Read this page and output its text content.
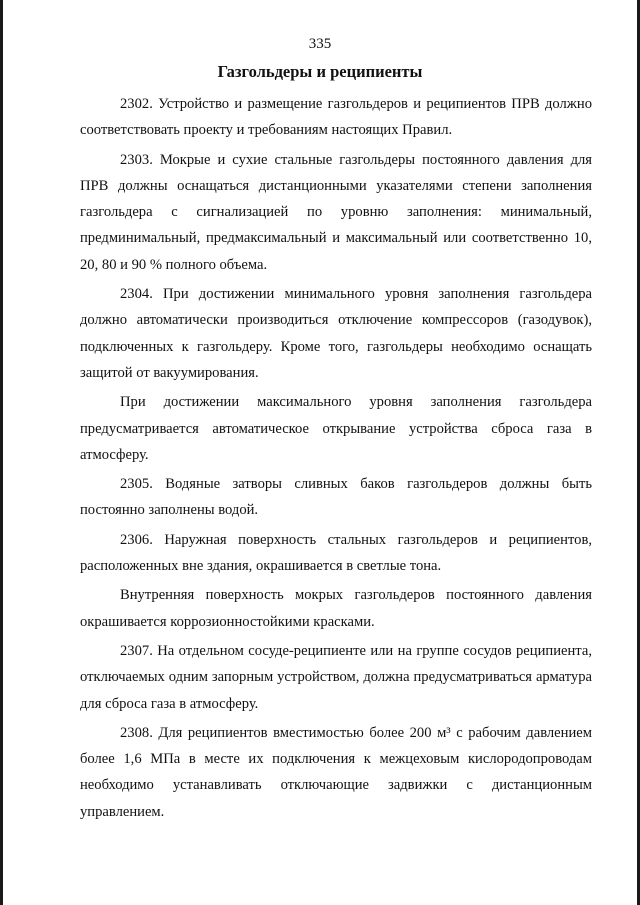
335
Газгольдеры и реципиенты

2302. Устройство и размещение газгольдеров и реципиентов ПРВ должно соответствовать проекту и требованиям настоящих Правил.

2303. Мокрые и сухие стальные газгольдеры постоянного давления для ПРВ должны оснащаться дистанционными указателями степени заполнения газгольдера с сигнализацией по уровню заполнения: минимальный, предминимальный, предмаксимальный и максимальный или соответственно 10, 20, 80 и 90 % полного объема.

2304. При достижении минимального уровня заполнения газгольдера должно автоматически производиться отключение компрессоров (газодувок), подключенных к газгольдеру. Кроме того, газгольдеры необходимо оснащать защитой от вакуумирования.

При достижении максимального уровня заполнения газгольдера предусматривается автоматическое открывание устройства сброса газа в атмосферу.

2305. Водяные затворы сливных баков газгольдеров должны быть постоянно заполнены водой.

2306. Наружная поверхность стальных газгольдеров и реципиентов, расположенных вне здания, окрашивается в светлые тона.

Внутренняя поверхность мокрых газгольдеров постоянного давления окрашивается коррозионностойкими красками.

2307. На отдельном сосуде-реципиенте или на группе сосудов реципиента, отключаемых одним запорным устройством, должна предусматриваться арматура для сброса газа в атмосферу.

2308. Для реципиентов вместимостью более 200 м³ с рабочим давлением более 1,6 МПа в месте их подключения к межцеховым кислородопроводам необходимо устанавливать отключающие задвижки с дистанционным управлением.
